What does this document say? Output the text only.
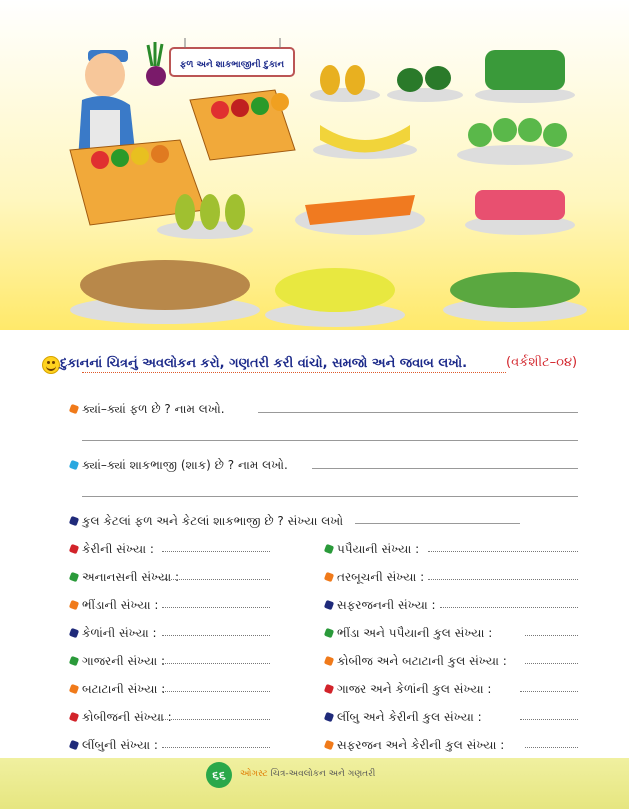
ફળ અને શાકભાજીની દુકાન
દુકાનનાં ચિત્રનું અવલોકન કરો, ગણતરી કરી વાંચો, સમજો અને જવાબ લખો.	(વર્કશીટ–૦૪)
ક્યાં–ક્યાં ફળ છે ? નામ લખો.
ક્યાં–ક્યાં શાકભાજી (શાક) છે ? નામ લખો.
કુલ કેટલાં ફળ અને કેટલાં શાકભાજી છે ? સંખ્યા લખો
કેરીની સંખ્યા :
અનાનસની સંખ્યા :
ભીંડાની સંખ્યા :
કેળાંની સંખ્યા :
ગાજરની સંખ્યા :
બટાટાની સંખ્યા :
કોબીજની સંખ્યા :
લીંબુની સંખ્યા :
પપૈયાની સંખ્યા :
તરબૂચની સંખ્યા :
સફરજનની સંખ્યા :
ભીંડા અને પપૈયાની કુલ સંખ્યા :
કોબીજ અને બટાટાની કુલ સંખ્યા :
ગાજર અને કેળાંની કુલ સંખ્યા :
લીંબુ અને કેરીની કુલ સંખ્યા :
સફરજન અને કેરીની કુલ સંખ્યા :
૬૬	ઓગસ્ટ ચિત્ર-અવલોકન અને ગણતરી
